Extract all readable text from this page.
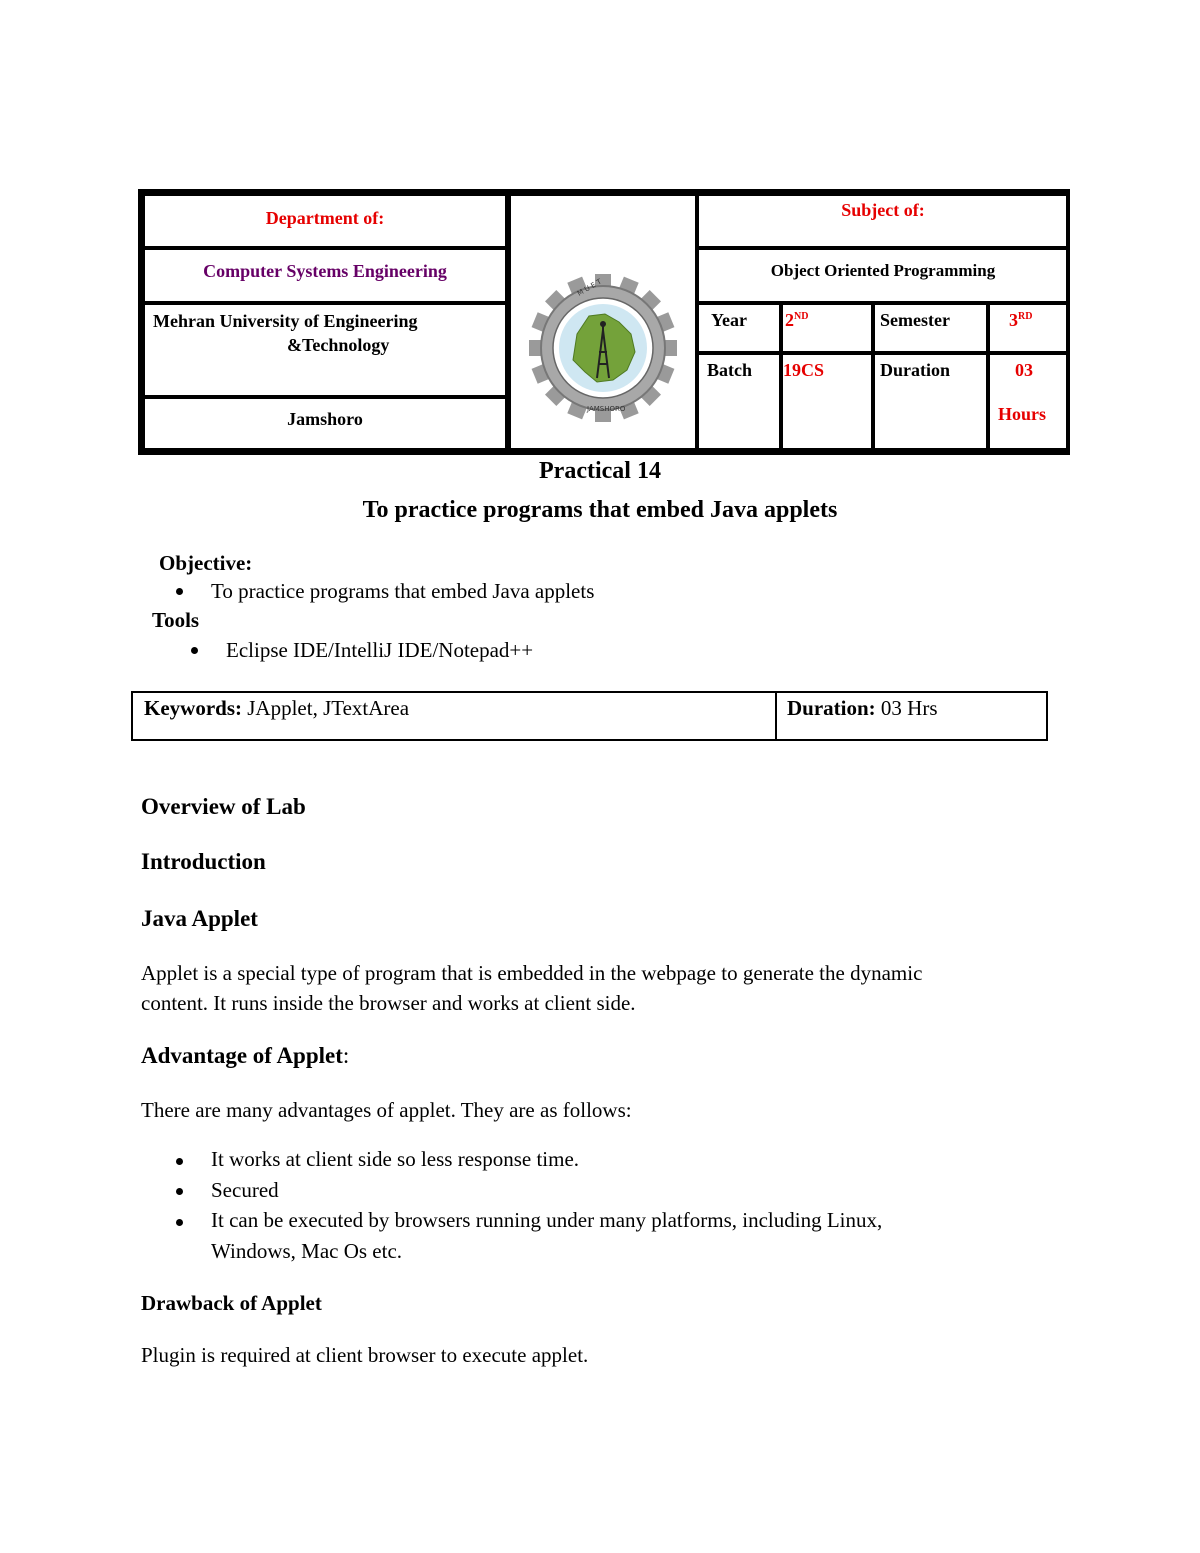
Department of:
Computer Systems Engineering
Mehran University of Engineering
&Technology
Jamshoro
M U E T
JAMSHORO
Subject of:
Object Oriented Programming
Year 2ND	Semester	3RD
Batch 19CS	Duration	03
Hours
Practical 14
To practice programs that embed Java applets
Objective:
To practice programs that embed Java applets
Tools
Eclipse IDE/IntelliJ IDE/Notepad++
Keywords: JApplet, JTextArea	Duration: 03 Hrs
Overview of Lab
Introduction
Java Applet
Applet is a special type of program that is embedded in the webpage to generate the dynamic
content. It runs inside the browser and works at client side.
Advantage of Applet:
There are many advantages of applet. They are as follows:
It works at client side so less response time.
Secured
It can be executed by browsers running under many platforms, including Linux,
Windows, Mac Os etc.
Drawback of Applet
Plugin is required at client browser to execute applet.
